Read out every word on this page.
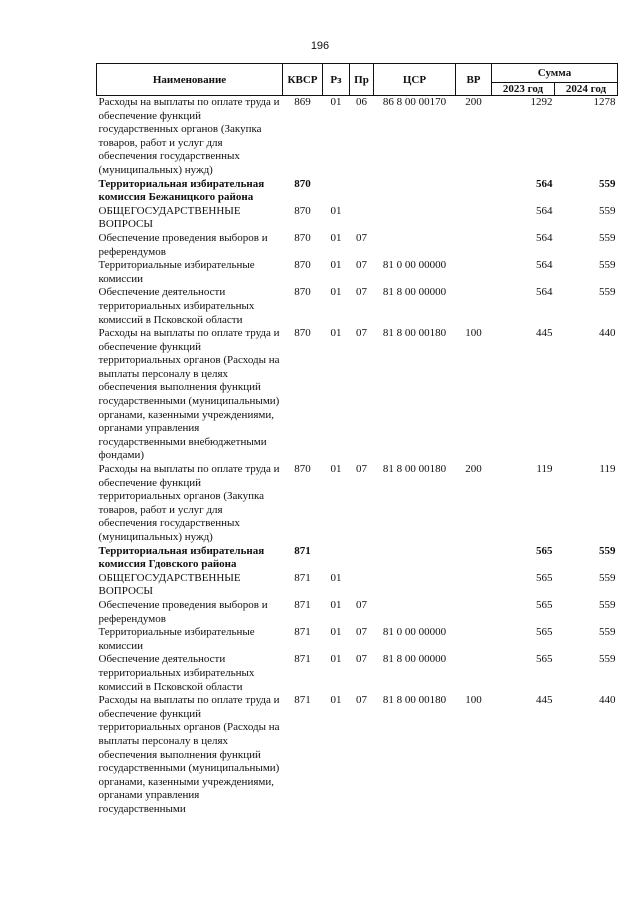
196
Наименование	КВСР	Рз	Пр	ЦСР	ВР	Сумма	
						2023 год	2024 год
Расходы на выплаты по оплате труда и обеспечение функций государственных органов (Закупка товаров, работ и услуг для обеспечения государственных (муниципальных) нужд)	869	01	06	86 8 00 00170	200	1292	1278
Территориальная избирательная комиссия Бежаницкого района	870					564	559
ОБЩЕГОСУДАРСТВЕННЫЕ ВОПРОСЫ	870	01				564	559
Обеспечение проведения выборов и референдумов	870	01	07			564	559
Территориальные избирательные комиссии	870	01	07	81 0 00 00000		564	559
Обеспечение деятельности территориальных избирательных комиссий в Псковской области	870	01	07	81 8 00 00000		564	559
Расходы на выплаты по оплате труда и обеспечение функций территориальных органов (Расходы на выплаты персоналу в целях обеспечения выполнения функций государственными (муниципальными) органами, казенными учреждениями, органами управления государственными внебюджетными фондами)	870	01	07	81 8 00 00180	100	445	440
Расходы на выплаты по оплате труда и обеспечение функций территориальных органов (Закупка товаров, работ и услуг для обеспечения государственных (муниципальных) нужд)	870	01	07	81 8 00 00180	200	119	119
Территориальная избирательная комиссия Гдовского района	871					565	559
ОБЩЕГОСУДАРСТВЕННЫЕ ВОПРОСЫ	871	01				565	559
Обеспечение проведения выборов и референдумов	871	01	07			565	559
Территориальные избирательные комиссии	871	01	07	81 0 00 00000		565	559
Обеспечение деятельности территориальных избирательных комиссий в Псковской области	871	01	07	81 8 00 00000		565	559
Расходы на выплаты по оплате труда и обеспечение функций территориальных органов (Расходы на выплаты персоналу в целях обеспечения выполнения функций государственными (муниципальными) органами, казенными учреждениями, органами управления государственными	871	01	07	81 8 00 00180	100	445	440
